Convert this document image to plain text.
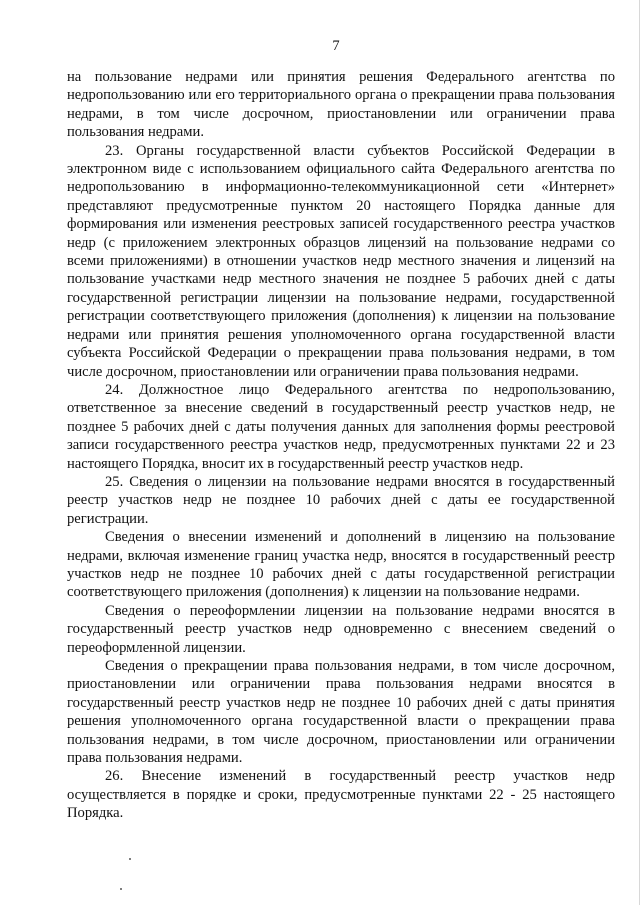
7

на пользование недрами или принятия решения Федерального агентства по недропользованию или его территориального органа о прекращении права пользования недрами, в том числе досрочном, приостановлении или ограничении права пользования недрами.

23. Органы государственной власти субъектов Российской Федерации в электронном виде с использованием официального сайта Федерального агентства по недропользованию в информационно-телекоммуникационной сети «Интернет» представляют предусмотренные пунктом 20 настоящего Порядка данные для формирования или изменения реестровых записей государственного реестра участков недр (с приложением электронных образцов лицензий на пользование недрами со всеми приложениями) в отношении участков недр местного значения и лицензий на пользование участками недр местного значения не позднее 5 рабочих дней с даты государственной регистрации лицензии на пользование недрами, государственной регистрации соответствующего приложения (дополнения) к лицензии на пользование недрами или принятия решения уполномоченного органа государственной власти субъекта Российской Федерации о прекращении права пользования недрами, в том числе досрочном, приостановлении или ограничении права пользования недрами.

24. Должностное лицо Федерального агентства по недропользованию, ответственное за внесение сведений в государственный реестр участков недр, не позднее 5 рабочих дней с даты получения данных для заполнения формы реестровой записи государственного реестра участков недр, предусмотренных пунктами 22 и 23 настоящего Порядка, вносит их в государственный реестр участков недр.

25. Сведения о лицензии на пользование недрами вносятся в государственный реестр участков недр не позднее 10 рабочих дней с даты ее государственной регистрации.

Сведения о внесении изменений и дополнений в лицензию на пользование недрами, включая изменение границ участка недр, вносятся в государственный реестр участков недр не позднее 10 рабочих дней с даты государственной регистрации соответствующего приложения (дополнения) к лицензии на пользование недрами.

Сведения о переоформлении лицензии на пользование недрами вносятся в государственный реестр участков недр одновременно с внесением сведений о переоформленной лицензии.

Сведения о прекращении права пользования недрами, в том числе досрочном, приостановлении или ограничении права пользования недрами вносятся в государственный реестр участков недр не позднее 10 рабочих дней с даты принятия решения уполномоченного органа государственной власти о прекращении права пользования недрами, в том числе досрочном, приостановлении или ограничении права пользования недрами.

26. Внесение изменений в государственный реестр участков недр осуществляется в порядке и сроки, предусмотренные пунктами 22 - 25 настоящего Порядка.
